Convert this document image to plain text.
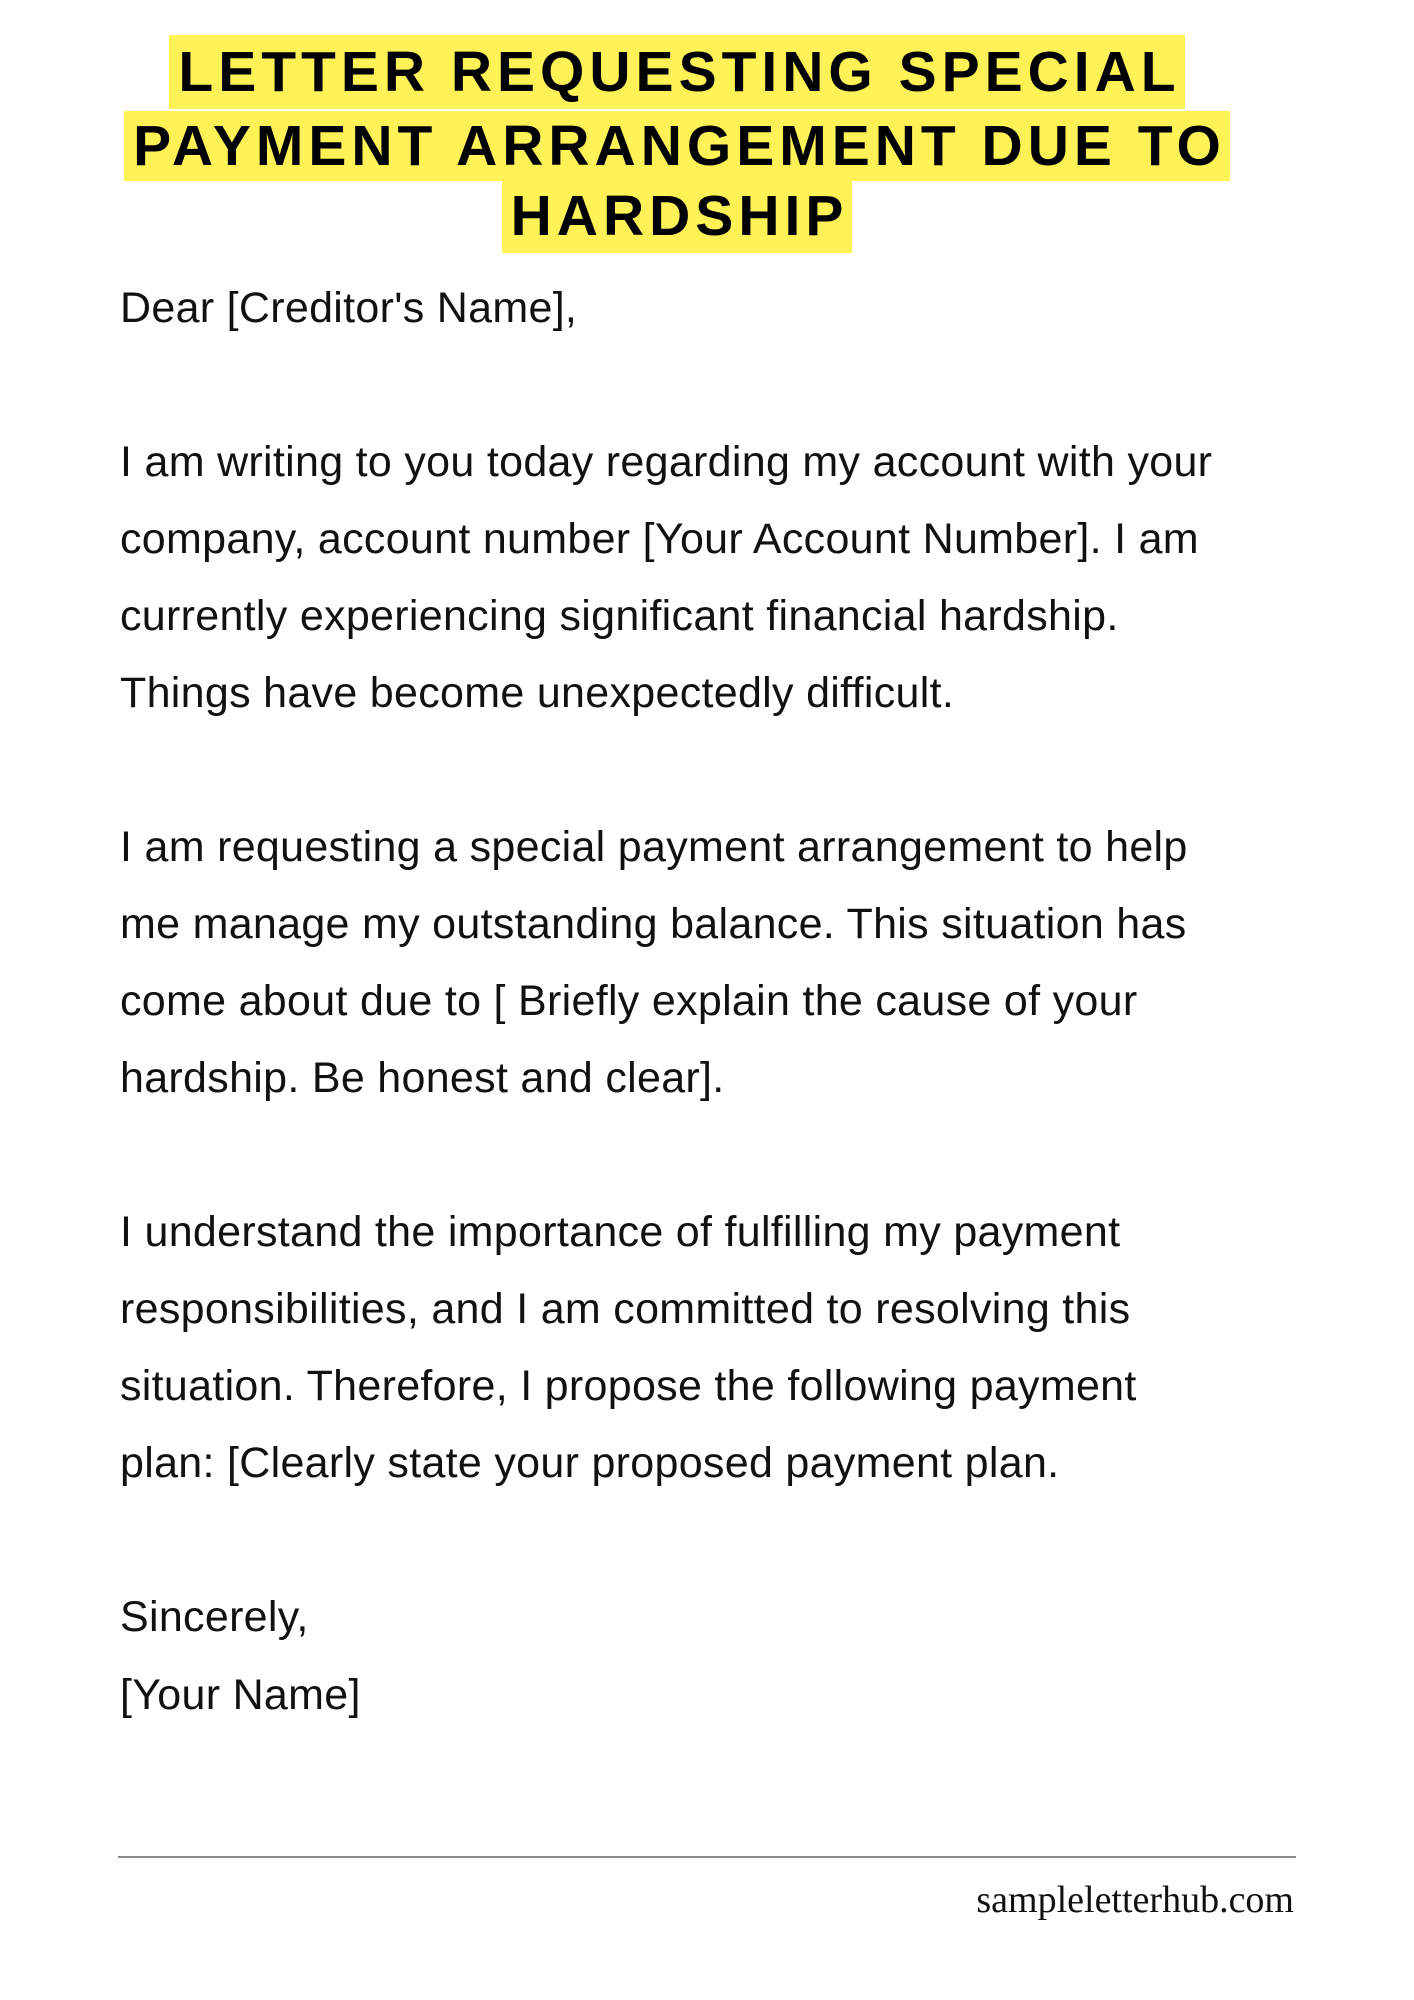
LETTER REQUESTING SPECIAL
PAYMENT ARRANGEMENT DUE TO
HARDSHIP
Dear [Creditor's Name],
I am writing to you today regarding my account with your
company, account number [Your Account Number]. I am
currently experiencing significant financial hardship.
Things have become unexpectedly difficult.
I am requesting a special payment arrangement to help
me manage my outstanding balance. This situation has
come about due to [ Briefly explain the cause of your
hardship. Be honest and clear].
I understand the importance of fulfilling my payment
responsibilities, and I am committed to resolving this
situation. Therefore, I propose the following payment
plan: [Clearly state your proposed payment plan.
Sincerely,
[Your Name]
sampleletterhub.com
